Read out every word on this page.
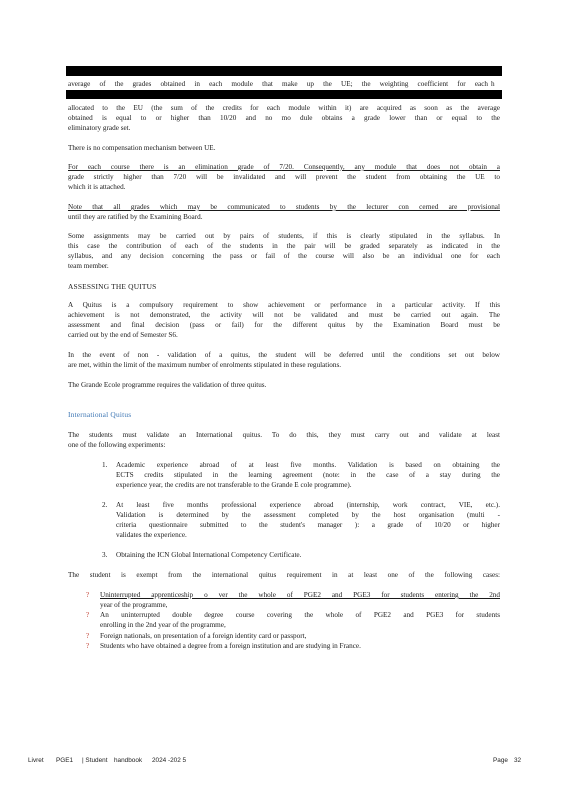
average of the grades obtained in each module that make up the UE; the weighting coefficient for each h
allocated to the EU (the sum of the credits for each module within it) are acquired as soon as the average
obtained is equal to or higher than 10/20 and no mo dule obtains a grade lower than or equal to the
eliminatory grade set.
There is no compensation mechanism between UE.
For each course there is an elimination grade of 7/20. Consequently, any module that does not obtain a
grade strictly higher than 7/20 will be invalidated and will prevent the student from obtaining the UE to
which it is attached.
Note that all grades which may be communicated to students by the lecturer con cerned are provisional
until they are ratified by the Examining Board.
Some assignments may be carried out by pairs of students, if this is clearly stipulated in the syllabus. In
this case the contribution of each of the students in the pair will be graded separately as indicated in the
syllabus, and any decision concerning the pass or fail of the course will also be an individual one for each
team member.
ASSESSING THE QUITUS
A Quitus is a compulsory requirement to show achievement or performance in a particular activity. If this
achievement is not demonstrated, the activity will not be validated and must be carried out again. The
assessment and final decision (pass or fail) for the different quitus by the Examination Board must be
carried out by the end of Semester S6.
In the event of non - validation of a quitus, the student will be deferred until the conditions set out below
are met, within the limit of the maximum number of enrolments stipulated in these regulations.
The Grande Ecole programme requires the validation of three quitus.
International Quitus
The students must validate an International quitus. To do this, they must carry out and validate at least
one of the following experiments:
1. Academic experience abroad of at least five months. Validation is based on obtaining the
ECTS credits stipulated in the learning agreement (note: in the case of a stay during the
experience year, the credits are not transferable to the Grande E cole programme).
2. At least five months professional experience abroad (internship, work contract, VIE, etc.).
Validation is determined by the assessment completed by the host organisation (multi -
criteria questionnaire submitted to the student's manager ): a grade of 10/20 or higher
validates the experience.
3. Obtaining the ICN Global International Competency Certificate.
The student is exempt from the international quitus requirement in at least one of the following cases:
? Uninterrupted apprenticeship o ver the whole of PGE2 and PGE3 for students entering the 2nd
year of the programme,
? An uninterrupted double degree course covering the whole of PGE2 and PGE3 for students
enrolling in the 2nd year of the programme,
? Foreign nationals, on presentation of a foreign identity card or passport,
? Students who have obtained a degree from a foreign institution and are studying in France.
Livret PGE1 | Student handbook 2024 -202 5	Page 32
